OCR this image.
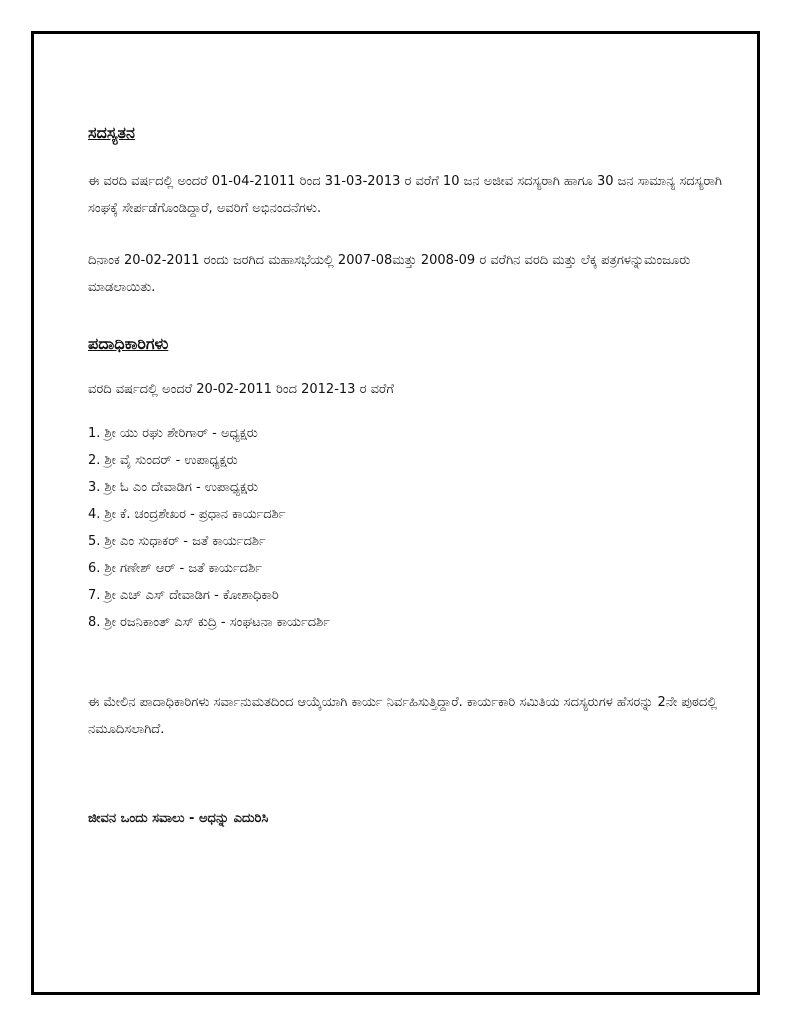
ಸದಸ್ಯತನ

ಈ ವರದಿ ವರ್ಷದಲ್ಲಿ ಅಂದರೆ 01-04-21011 ರಿಂದ 31-03-2013 ರ ವರೆಗೆ 10 ಜನ ಅಜೀವ ಸದಸ್ಯರಾಗಿ ಹಾಗೂ 30 ಜನ ಸಾಮಾನ್ಯ ಸದಸ್ಯರಾಗಿ ಸಂಘಕ್ಕೆ ಸೇರ್ಪಡೆಗೊಂಡಿದ್ದಾರೆ, ಅವರಿಗೆ ಅಭಿನಂದನೆಗಳು.

ದಿನಾಂಕ 20-02-2011 ರಂದು ಜರಗಿದ ಮಹಾಸಭೆಯಲ್ಲಿ 2007-08ಮತ್ತು 2008-09 ರ ವರೆಗಿನ ವರದಿ ಮತ್ತು ಲೆಕ್ಕ ಪತ್ರಗಳನ್ನುಮಂಜೂರು ಮಾಡಲಾಯಿತು.

ಪದಾಧಿಕಾರಿಗಳು

ವರದಿ ವರ್ಷದಲ್ಲಿ ಅಂದರೆ 20-02-2011 ರಿಂದ 2012-13 ರ ವರೆಗೆ

1. ಶ್ರೀ ಯು ರಘು ಶೇರಿಗಾರ್ - ಅಧ್ಯಕ್ಷರು
2. ಶ್ರೀ ವೈ ಸುಂದರ್ - ಉಪಾಧ್ಯಕ್ಷರು
3. ಶ್ರೀ ಓ ಎಂ ದೇವಾಡಿಗ - ಉಪಾಧ್ಯಕ್ಷರು
4. ಶ್ರೀ ಕೆ. ಚಂದ್ರಶೇಖರ - ಪ್ರಧಾನ ಕಾರ್ಯದರ್ಶಿ
5. ಶ್ರೀ ಎಂ ಸುಧಾಕರ್ - ಜತೆ ಕಾರ್ಯದರ್ಶಿ
6. ಶ್ರೀ ಗಣೇಶ್ ಆರ್ - ಜತೆ ಕಾರ್ಯದರ್ಶಿ
7. ಶ್ರೀ ಎಚ್ ಎಸ್ ದೇವಾಡಿಗ - ಕೋಶಾಧಿಕಾರಿ
8. ಶ್ರೀ ರಜನಿಕಾಂತ್ ಎಸ್ ಕುದ್ರಿ - ಸಂಘಟನಾ ಕಾರ್ಯದರ್ಶಿ

ಈ ಮೇಲಿನ ಪಾದಾಧಿಕಾರಿಗಳು ಸರ್ವಾನುಮತದಿಂದ ಆಯ್ಕೆಯಾಗಿ ಕಾರ್ಯ ನಿರ್ವಹಿಸುತ್ತಿದ್ದಾರೆ. ಕಾರ್ಯಕಾರಿ ಸಮಿತಿಯ ಸದಸ್ಯರುಗಳ ಹೆಸರನ್ನು 2ನೇ ಪುಠದಲ್ಲಿ ನಮೂದಿಸಲಾಗಿದೆ.

ಜೀವನ ಒಂದು ಸವಾಲು - ಅಧನ್ನು ಎದುರಿಸಿ
